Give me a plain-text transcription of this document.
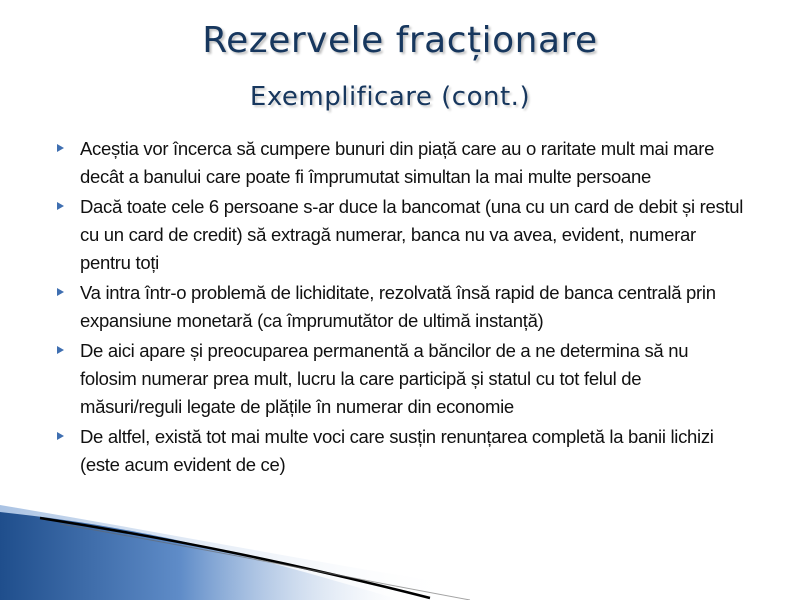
Rezervele fracționare
Exemplificare (cont.)
Aceștia vor încerca să cumpere bunuri din piață care au o raritate mult mai mare decât a banului care poate fi împrumutat simultan la mai multe persoane
Dacă toate cele 6 persoane s-ar duce la bancomat (una cu un card de debit și restul cu un card de credit) să extragă numerar, banca nu va avea, evident, numerar pentru toți
Va intra într-o problemă de lichiditate, rezolvată însă rapid de banca centrală prin expansiune monetară (ca împrumutător de ultimă instanță)
De aici apare și preocuparea permanentă a băncilor de a ne determina să nu folosim numerar prea mult, lucru la care participă și statul cu tot felul de măsuri/reguli legate de plățile în numerar din economie
De altfel, există tot mai multe voci care susțin renunțarea completă la banii lichizi (este acum evident de ce)
